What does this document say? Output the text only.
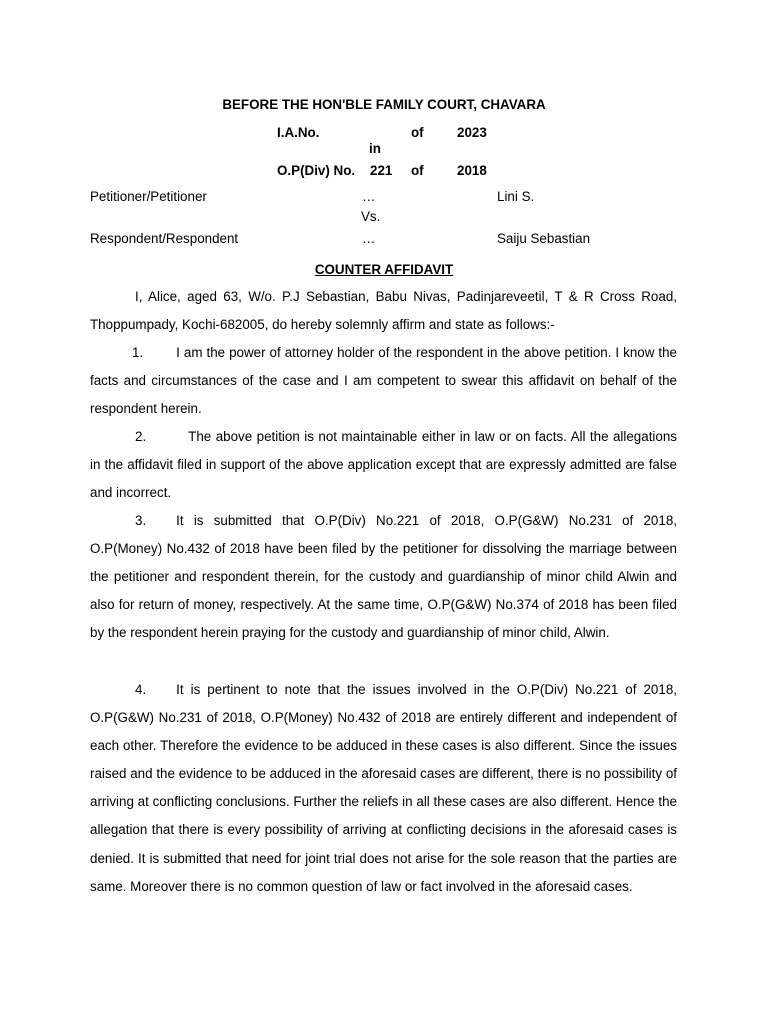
BEFORE THE HON'BLE FAMILY COURT, CHAVARA
I.A.No.	of 2023
in
O.P(Div) No. 221 of 2018
Petitioner/Petitioner	…	Lini S.
Vs.
Respondent/Respondent	…	Saiju Sebastian
COUNTER AFFIDAVIT

I, Alice, aged 63, W/o. P.J Sebastian, Babu Nivas, Padinjareveetil, T & R Cross Road, Thoppumpady, Kochi-682005, do hereby solemnly affirm and state as follows:-

1. I am the power of attorney holder of the respondent in the above petition. I know the facts and circumstances of the case and I am competent to swear this affidavit on behalf of the respondent herein.

2.	The above petition is not maintainable either in law or on facts. All the allegations in the affidavit filed in support of the above application except that are expressly admitted are false and incorrect.

3. It is submitted that O.P(Div) No.221 of 2018, O.P(G&W) No.231 of 2018, O.P(Money) No.432 of 2018 have been filed by the petitioner for dissolving the marriage between the petitioner and respondent therein, for the custody and guardianship of minor child Alwin and also for return of money, respectively. At the same time, O.P(G&W) No.374 of 2018 has been filed by the respondent herein praying for the custody and guardianship of minor child, Alwin.

4. It is pertinent to note that the issues involved in the O.P(Div) No.221 of 2018, O.P(G&W) No.231 of 2018, O.P(Money) No.432 of 2018 are entirely different and independent of each other. Therefore the evidence to be adduced in these cases is also different. Since the issues raised and the evidence to be adduced in the aforesaid cases are different, there is no possibility of arriving at conflicting conclusions. Further the reliefs in all these cases are also different. Hence the allegation that there is every possibility of arriving at conflicting decisions in the aforesaid cases is denied. It is submitted that need for joint trial does not arise for the sole reason that the parties are same. Moreover there is no common question of law or fact involved in the aforesaid cases.
